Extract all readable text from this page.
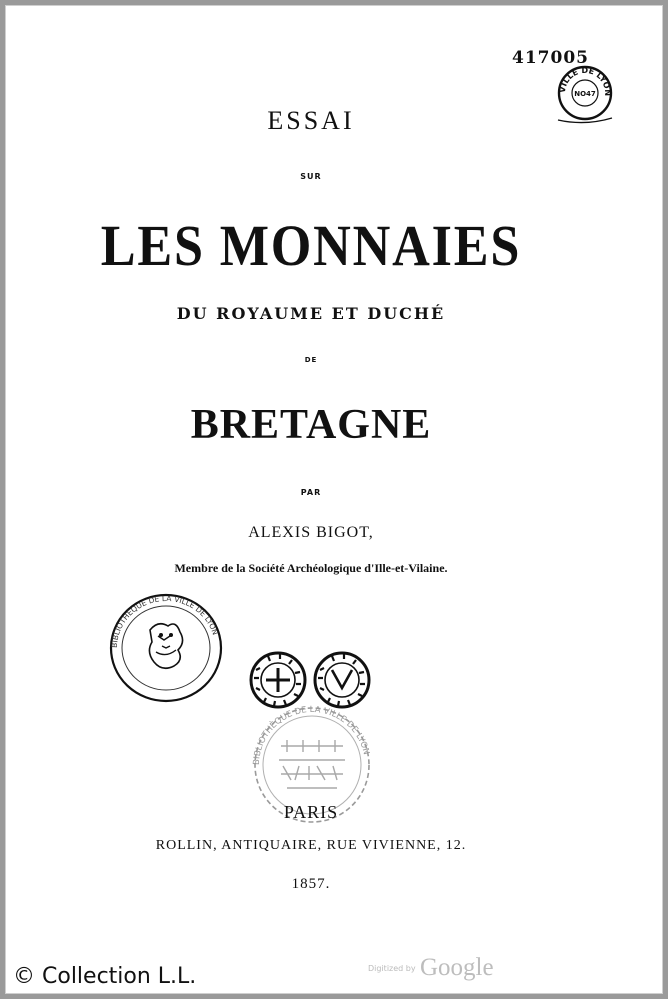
417005
VILLE DE LYON
NO47
ESSAI
SUR
LES MONNAIES
DU ROYAUME ET DUCHÉ
DE
BRETAGNE
PAR
ALEXIS BIGOT,
Membre de la Société Archéologique d'Ille-et-Vilaine.
BIBLIOTHÈQUE DE LA VILLE DE LYON
BIBLIOTHÈQUE DE LA VILLE DE LYON
PARIS
ROLLIN, ANTIQUAIRE, RUE VIVIENNE, 12.
1857.
Digitized by Google
© Collection L.L.
